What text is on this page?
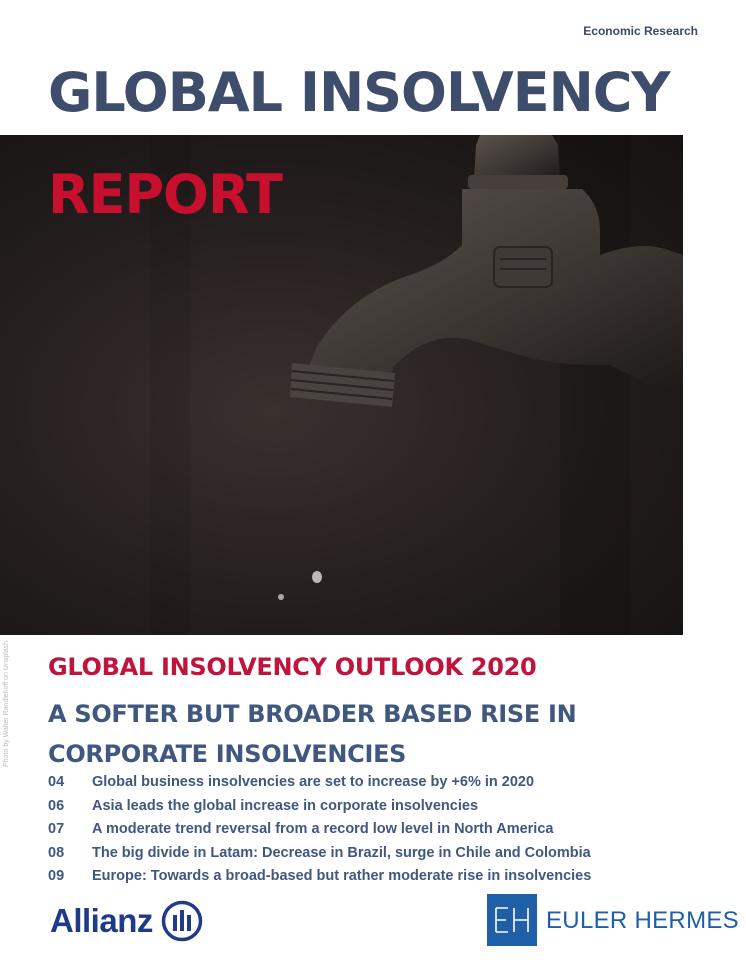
Economic Research
GLOBAL INSOLVENCY
Photo by Walter Randlehoff on Unsplash
REPORT
GLOBAL INSOLVENCY OUTLOOK 2020
A SOFTER BUT BROADER BASED RISE IN CORPORATE INSOLVENCIES
04	Global business insolvencies are set to increase by +6% in 2020
06	Asia leads the global increase in corporate insolvencies
07	A moderate trend reversal from a record low level in North America
08	The big divide in Latam: Decrease in Brazil, surge in Chile and Colombia
09	Europe: Towards a broad-based but rather moderate rise in insolvencies
Allianz	EULER HERMES
